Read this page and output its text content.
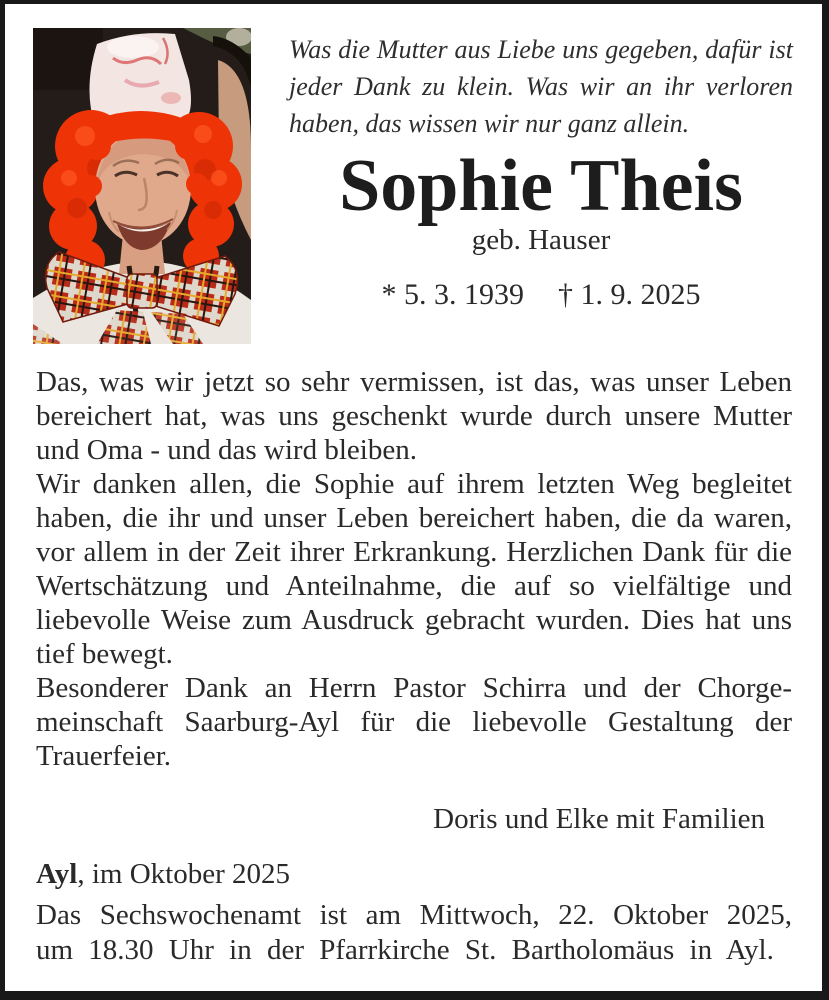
Was die Mutter aus Liebe uns gegeben, dafür ist jeder Dank zu klein. Was wir an ihr verloren haben, das wissen wir nur ganz allein.

Sophie Theis

geb. Hauser

* 5. 3. 1939 † 1. 9. 2025

Das, was wir jetzt so sehr vermissen, ist das, was unser Leben bereichert hat, was uns geschenkt wurde durch unsere Mutter und Oma - und das wird bleiben.

Wir danken allen, die Sophie auf ihrem letzten Weg begleitet haben, die ihr und unser Leben bereichert haben, die da waren, vor allem in der Zeit ihrer Erkrankung. Herzlichen Dank für die Wertschätzung und Anteilnahme, die auf so vielfältige und liebevolle Weise zum Ausdruck gebracht wurden. Dies hat uns tief bewegt.

Besonderer Dank an Herrn Pastor Schirra und der Chorgemeinschaft Saarburg-Ayl für die liebevolle Gestaltung der Trauerfeier.

Doris und Elke mit Familien

Ayl, im Oktober 2025

Das Sechswochenamt ist am Mittwoch, 22. Oktober 2025, um 18.30 Uhr in der Pfarrkirche St. Bartholomäus in Ayl.
